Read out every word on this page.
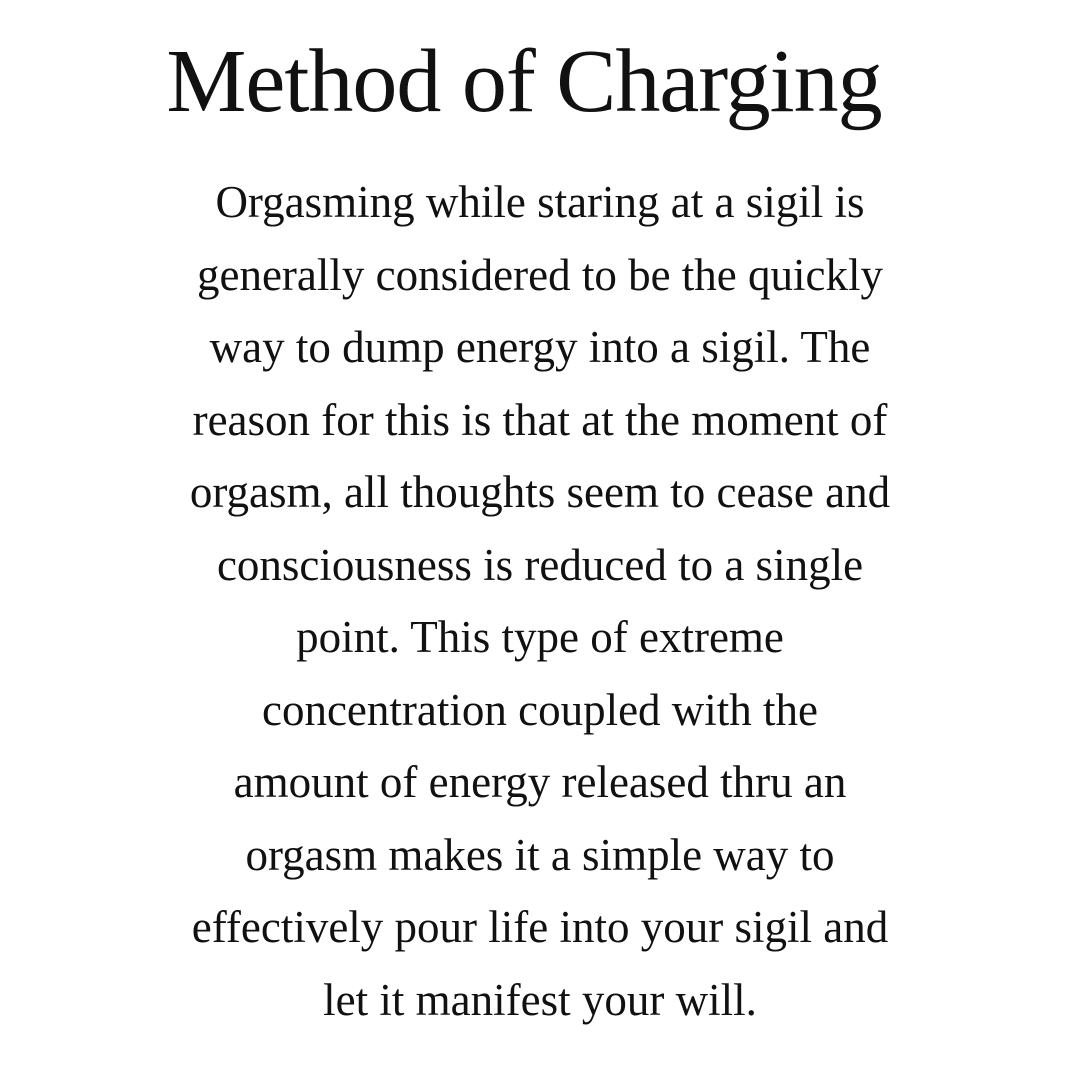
Method of Charging

Orgasming while staring at a sigil is
generally considered to be the quickly
way to dump energy into a sigil. The
reason for this is that at the moment of
orgasm, all thoughts seem to cease and
consciousness is reduced to a single
point. This type of extreme
concentration coupled with the
amount of energy released thru an
orgasm makes it a simple way to
effectively pour life into your sigil and
let it manifest your will.
